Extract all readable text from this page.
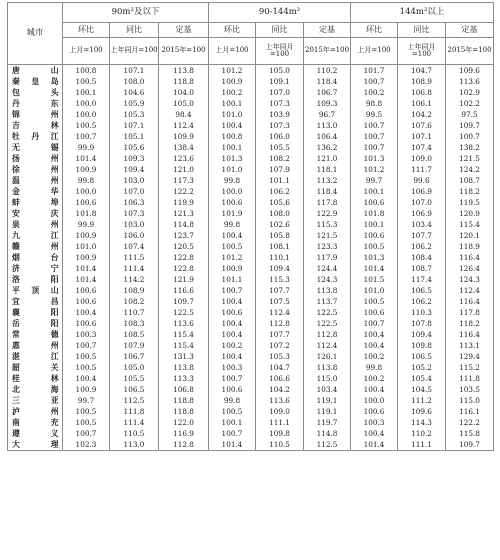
城市	90m²及以下			90-144m²			144m²以上		
	环比	同比	定基	环比	同比	定基	环比	同比	定基
	上月=100	上年同月=100	2015年=100	上月=100	上年同月=100	2015年=100	上月=100	上年同月=100	2015年=100
唐山	100.8	107.1	113.8	101.2	105.0	110.2	101.7	104.7	109.6
秦皇岛	100.5	108.0	118.8	100.9	109.1	118.4	100.7	108.9	113.6
包头	100.1	104.6	104.0	100.2	107.0	106.7	100.2	106.8	102.9
丹东	100.0	105.9	105.0	100.1	107.3	109.3	98.8	106.1	102.2
锦州	100.0	105.3	98.4	101.0	103.9	96.7	99.5	104.2	97.5
吉林	100.5	107.1	112.4	100.4	107.3	113.0	100.7	107.6	109.7
牡丹江	100.7	105.1	109.9	100.8	106.0	106.4	100.7	107.1	100.7
无锡	99.9	105.6	138.4	100.1	105.5	136.2	100.7	107.4	138.2
扬州	101.4	109.3	123.6	101.3	108.2	121.0	101.3	109.0	121.5
徐州	100.9	109.4	121.0	101.0	107.9	118.1	101.2	111.7	124.2
温州	99.8	103.0	117.3	99.8	101.1	113.2	99.7	99.6	108.7
金华	100.0	107.0	122.2	100.0	106.2	118.4	100.1	106.9	118.2
蚌埠	100.6	106.3	119.9	100.6	105.6	117.8	100.6	107.0	119.5
安庆	101.8	107.3	121.3	101.9	108.0	122.9	101.8	106.9	120.9
泉州	99.9	103.0	114.8	99.8	102.6	115.3	100.1	103.4	115.4
九江	100.9	106.0	123.7	100.4	105.8	121.5	100.6	107.7	120.1
赣州	101.0	107.4	120.5	100.5	108.1	123.3	100.5	106.2	118.9
烟台	100.9	111.5	122.8	101.2	110.1	117.9	101.3	108.4	116.4
济宁	101.4	111.4	122.8	100.9	109.4	124.4	101.4	108.7	126.4
洛阳	101.4	114.2	121.9	101.1	115.3	124.3	101.5	117.4	124.3
平顶山	100.6	108.9	116.6	100.7	107.7	113.8	101.0	106.5	112.4
宜昌	100.6	108.2	109.7	100.4	107.5	113.7	100.5	106.2	116.4
襄阳	100.4	110.7	122.5	100.6	112.4	122.5	100.6	110.3	117.8
岳阳	100.6	108.3	113.6	100.4	112.8	122.5	100.7	107.8	118.2
常德	100.3	108.5	115.4	100.4	107.7	112.8	100.4	109.4	116.4
惠州	100.7	107.9	115.4	100.2	107.2	112.4	100.4	109.8	113.1
湛江	100.5	106.7	131.3	100.4	105.3	126.1	100.2	106.5	129.4
韶关	100.5	105.0	113.8	100.3	104.7	113.8	99.8	105.2	115.2
桂林	100.4	105.5	113.3	100.7	106.6	115.0	100.2	105.4	111.8
北海	100.9	106.5	106.8	100.6	104.2	103.4	100.4	104.5	103.5
三亚	99.7	112.5	118.8	99.8	113.6	119.1	100.0	111.2	115.0
泸州	100.5	111.8	118.8	100.5	109.0	119.1	100.6	109.6	116.1
南充	100.5	111.4	122.0	100.1	111.1	119.7	100.3	114.3	122.2
遵义	100.7	110.5	116.9	100.7	109.8	114.8	100.4	110.2	115.8
大理	102.3	113.0	112.8	101.4	110.5	112.5	101.4	111.1	109.7
